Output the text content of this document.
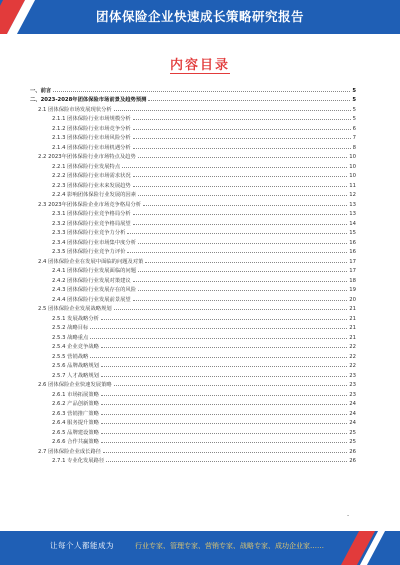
团体保险企业快速成长策略研究报告
内容目录
一、前言	5
二、2023-2028年团体保险市场前景及趋势预测	5
2.1 团体保险市场发展现状分析	5
2.1.1 团体保险行业市场规模分析	5
2.1.2 团体保险行业市场竞争分析	6
2.1.3 团体保险行业市场风险分析	7
2.1.4 团体保险行业市场机遇分析	8
2.2 2023年团体保险行业市场特点及趋势	10
2.2.1 团体保险行业发展特点	10
2.2.2 团体保险行业市场需求状况	10
2.2.3 团体保险行业未来发展趋势	11
2.2.4 影响团体保险行业发展的因素	12
2.3 2023年团体保险企业市场竞争格局分析	13
2.3.1 团体保险行业竞争格局分析	13
2.3.2 团体保险行业竞争格局展望	14
2.3.3 团体保险行业竞争力分析	15
2.3.4 团体保险行业市场集中度分析	16
2.3.5 团体保险行业竞争力评价	16
2.4 团体保险企业在发展中面临的问题及对策	17
2.4.1 团体保险行业发展面临的问题	17
2.4.2 团体保险行业发展对策建议	18
2.4.3 团体保险行业发展存在的风险	19
2.4.4 团体保险行业发展前景展望	20
2.5 团体保险企业发展战略规划	21
2.5.1 发展战略分析	21
2.5.2 战略目标	21
2.5.3 战略重点	21
2.5.4 企业竞争战略	22
2.5.5 营销战略	22
2.5.6 品牌战略规划	22
2.5.7 人才战略规划	23
2.6 团体保险企业快速发展策略	23
2.6.1 市场拓展策略	23
2.6.2 产品创新策略	24
2.6.3 营销推广策略	24
2.6.4 服务提升策略	24
2.6.5 品牌建设策略	25
2.6.6 合作共赢策略	25
2.7 团体保险企业成长路径	26
2.7.1 专业化发展路径	26
-
让每个人都能成为	行业专家、管理专家、营销专家、战略专家、成功企业家……
